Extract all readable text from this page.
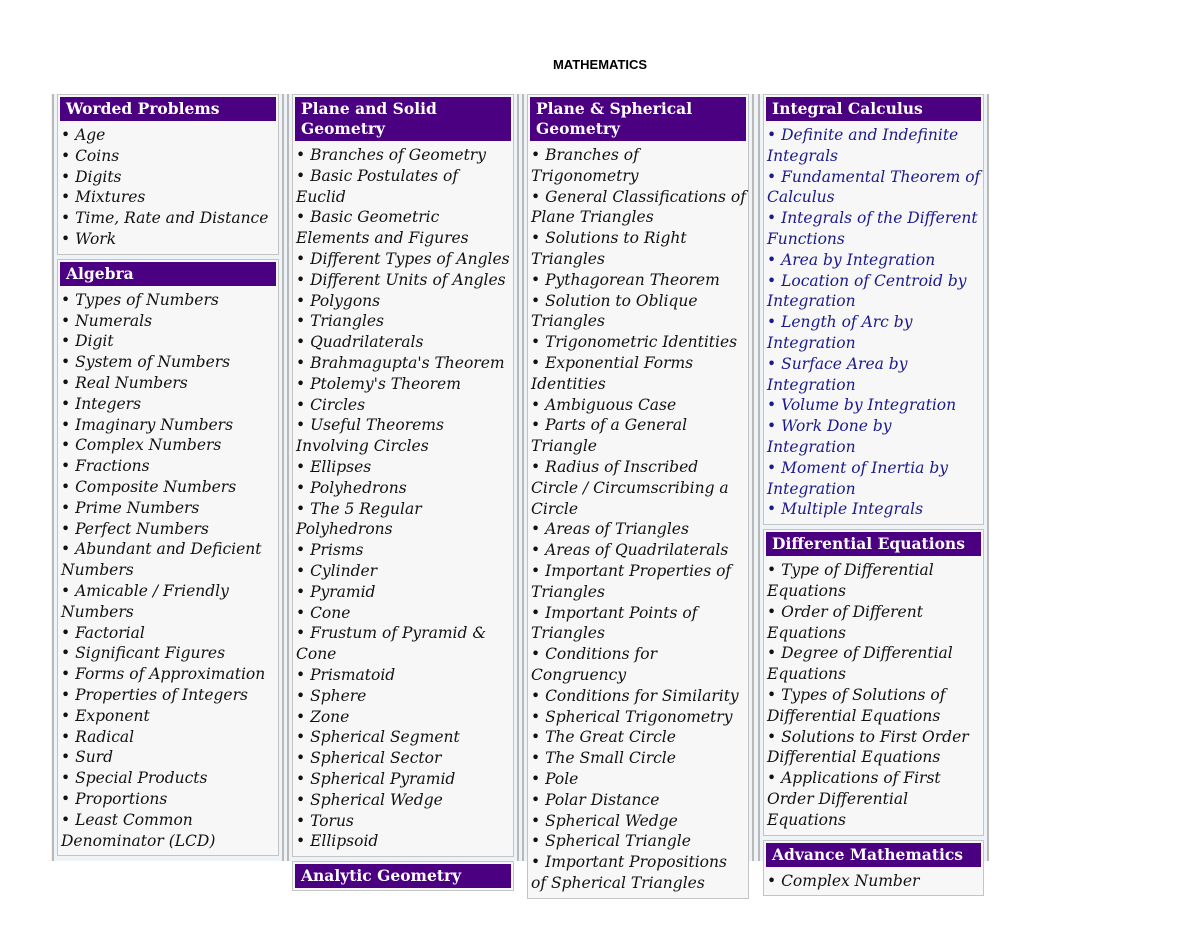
MATHEMATICS
Worded Problems
• Age
• Coins
• Digits
• Mixtures
• Time, Rate and Distance
• Work
Algebra
• Types of Numbers
• Numerals
• Digit
• System of Numbers
• Real Numbers
• Integers
• Imaginary Numbers
• Complex Numbers
• Fractions
• Composite Numbers
• Prime Numbers
• Perfect Numbers
• Abundant and Deficient Numbers
• Amicable / Friendly Numbers
• Factorial
• Significant Figures
• Forms of Approximation
• Properties of Integers
• Exponent
• Radical
• Surd
• Special Products
• Proportions
• Least Common Denominator (LCD)
Plane and Solid Geometry
• Branches of Geometry
• Basic Postulates of Euclid
• Basic Geometric Elements and Figures
• Different Types of Angles
• Different Units of Angles
• Polygons
• Triangles
• Quadrilaterals
• Brahmagupta's Theorem
• Ptolemy's Theorem
• Circles
• Useful Theorems Involving Circles
• Ellipses
• Polyhedrons
• The 5 Regular Polyhedrons
• Prisms
• Cylinder
• Pyramid
• Cone
• Frustum of Pyramid & Cone
• Prismatoid
• Sphere
• Zone
• Spherical Segment
• Spherical Sector
• Spherical Pyramid
• Spherical Wedge
• Torus
• Ellipsoid
Analytic Geometry
Plane & Spherical Geometry
• Branches of Trigonometry
• General Classifications of Plane Triangles
• Solutions to Right Triangles
• Pythagorean Theorem
• Solution to Oblique Triangles
• Trigonometric Identities
• Exponential Forms Identities
• Ambiguous Case
• Parts of a General Triangle
• Radius of Inscribed Circle / Circumscribing a Circle
• Areas of Triangles
• Areas of Quadrilaterals
• Important Properties of Triangles
• Important Points of Triangles
• Conditions for Congruency
• Conditions for Similarity
• Spherical Trigonometry
• The Great Circle
• The Small Circle
• Pole
• Polar Distance
• Spherical Wedge
• Spherical Triangle
• Important Propositions of Spherical Triangles
Integral Calculus
• Definite and Indefinite Integrals
• Fundamental Theorem of Calculus
• Integrals of the Different Functions
• Area by Integration
• Location of Centroid by Integration
• Length of Arc by Integration
• Surface Area by Integration
• Volume by Integration
• Work Done by Integration
• Moment of Inertia by Integration
• Multiple Integrals
Differential Equations
• Type of Differential Equations
• Order of Different Equations
• Degree of Differential Equations
• Types of Solutions of Differential Equations
• Solutions to First Order Differential Equations
• Applications of First Order Differential Equations
Advance Mathematics
• Complex Number
